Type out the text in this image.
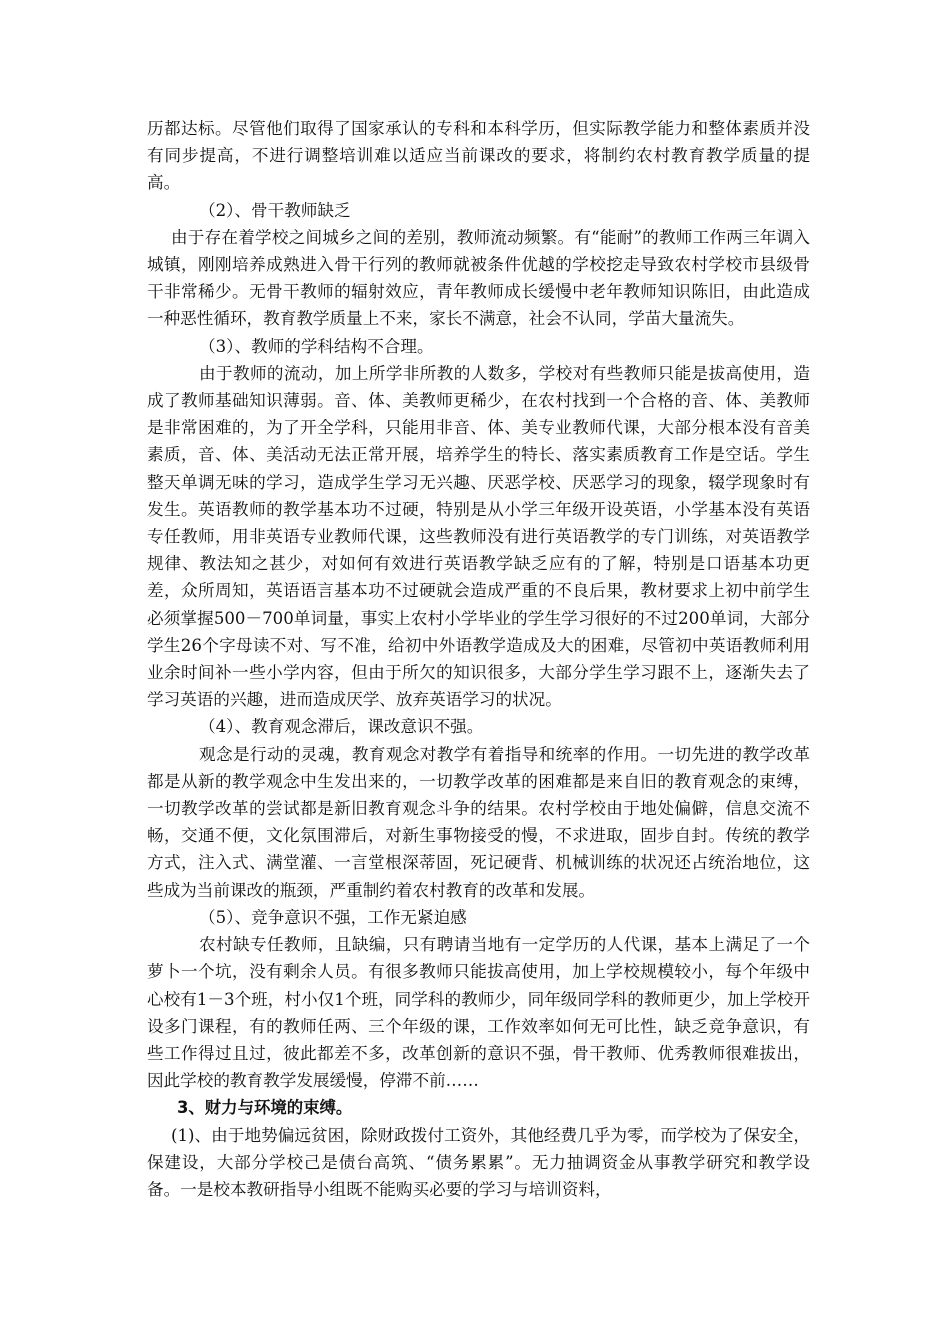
历都达标。尽管他们取得了国家承认的专科和本科学历，但实际教学能力和整体素质并没有同步提高，不进行调整培训难以适应当前课改的要求，将制约农村教育教学质量的提高。

（2）、骨干教师缺乏

由于存在着学校之间城乡之间的差别，教师流动频繁。有“能耐”的教师工作两三年调入城镇，刚刚培养成熟进入骨干行列的教师就被条件优越的学校挖走导致农村学校市县级骨干非常稀少。无骨干教师的辐射效应，青年教师成长缓慢中老年教师知识陈旧，由此造成一种恶性循环，教育教学质量上不来，家长不满意，社会不认同，学苗大量流失。

（3）、教师的学科结构不合理。

由于教师的流动，加上所学非所教的人数多，学校对有些教师只能是拔高使用，造成了教师基础知识薄弱。音、体、美教师更稀少，在农村找到一个合格的音、体、美教师是非常困难的，为了开全学科，只能用非音、体、美专业教师代课，大部分根本没有音美素质，音、体、美活动无法正常开展，培养学生的特长、落实素质教育工作是空话。学生整天单调无味的学习，造成学生学习无兴趣、厌恶学校、厌恶学习的现象，辍学现象时有发生。英语教师的教学基本功不过硬，特别是从小学三年级开设英语，小学基本没有英语专任教师，用非英语专业教师代课，这些教师没有进行英语教学的专门训练，对英语教学规律、教法知之甚少，对如何有效进行英语教学缺乏应有的了解，特别是口语基本功更差，众所周知，英语语言基本功不过硬就会造成严重的不良后果，教材要求上初中前学生必须掌握500－700单词量，事实上农村小学毕业的学生学习很好的不过200单词，大部分学生26个字母读不对、写不准，给初中外语教学造成及大的困难，尽管初中英语教师利用业余时间补一些小学内容，但由于所欠的知识很多，大部分学生学习跟不上，逐渐失去了学习英语的兴趣，进而造成厌学、放弃英语学习的状况。

（4）、教育观念滞后，课改意识不强。

观念是行动的灵魂，教育观念对教学有着指导和统率的作用。一切先进的教学改革都是从新的教学观念中生发出来的，一切教学改革的困难都是来自旧的教育观念的束缚，一切教学改革的尝试都是新旧教育观念斗争的结果。农村学校由于地处偏僻，信息交流不畅，交通不便，文化氛围滞后，对新生事物接受的慢，不求进取，固步自封。传统的教学方式，注入式、满堂灌、一言堂根深蒂固，死记硬背、机械训练的状况还占统治地位，这些成为当前课改的瓶颈，严重制约着农村教育的改革和发展。

（5）、竞争意识不强，工作无紧迫感

农村缺专任教师，且缺编，只有聘请当地有一定学历的人代课，基本上满足了一个萝卜一个坑，没有剩余人员。有很多教师只能拔高使用，加上学校规模较小，每个年级中心校有1－3个班，村小仅1个班，同学科的教师少，同年级同学科的教师更少，加上学校开设多门课程，有的教师任两、三个年级的课，工作效率如何无可比性，缺乏竞争意识，有些工作得过且过，彼此都差不多，改革创新的意识不强，骨干教师、优秀教师很难拔出，因此学校的教育教学发展缓慢，停滞不前……

3、财力与环境的束缚。

(1)、由于地势偏远贫困，除财政拨付工资外，其他经费几乎为零，而学校为了保安全，保建设，大部分学校己是债台高筑、“债务累累”。无力抽调资金从事教学研究和教学设备。一是校本教研指导小组既不能购买必要的学习与培训资料，
